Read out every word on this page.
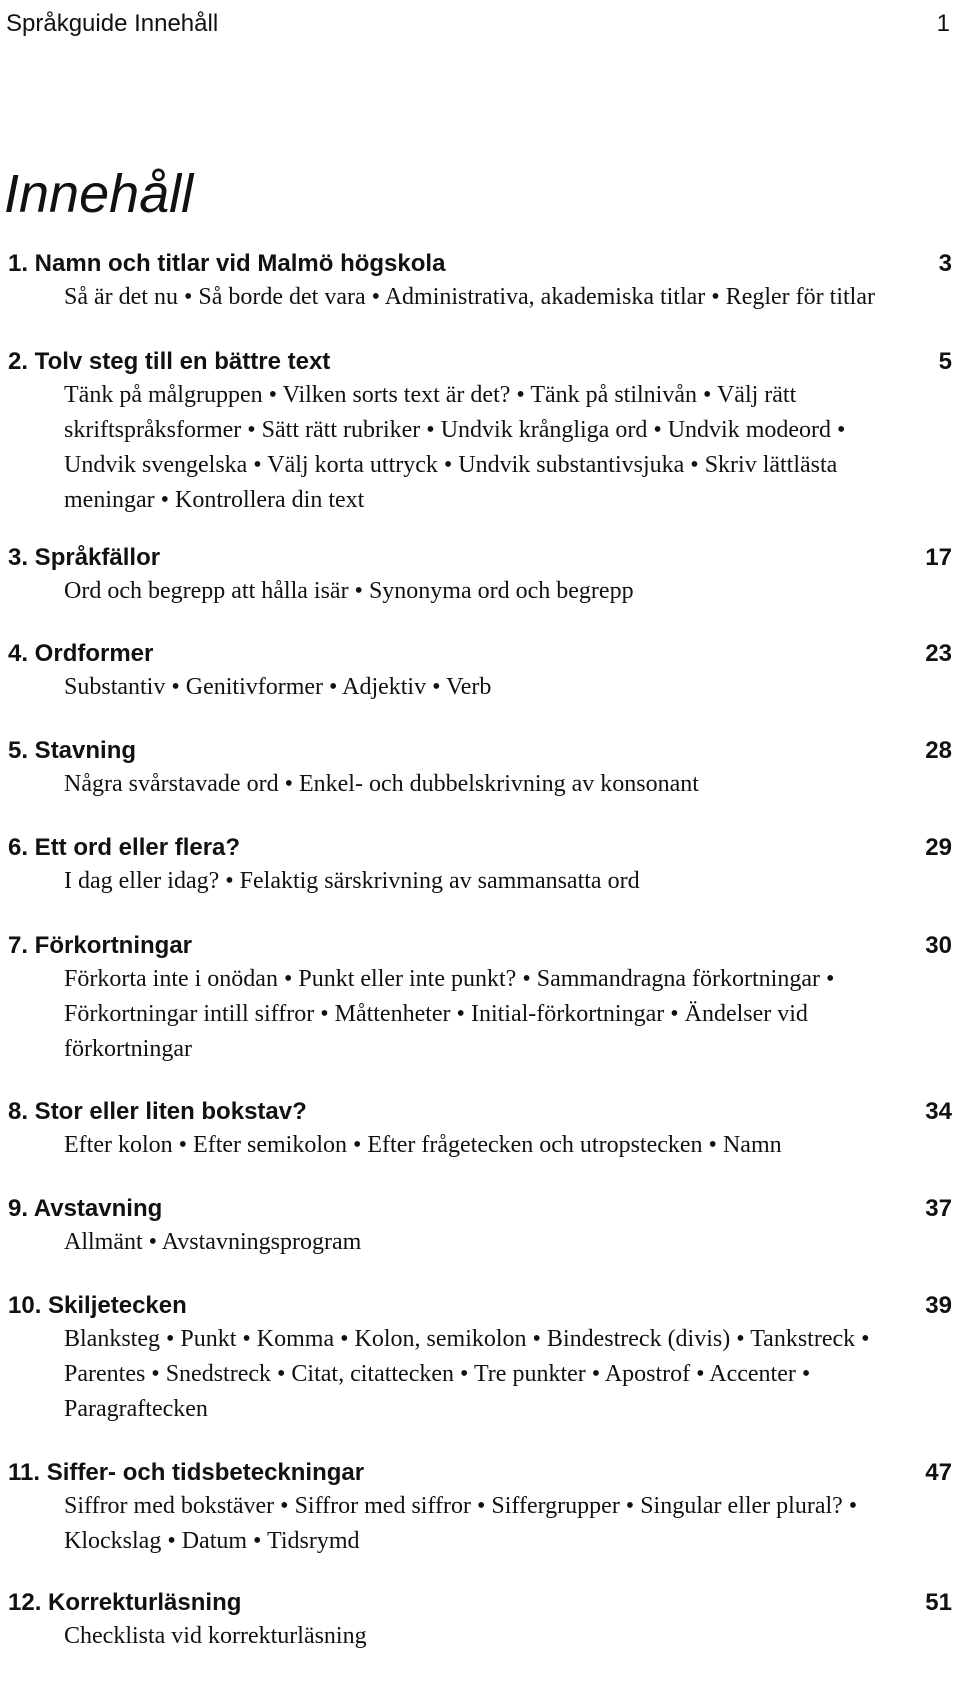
Språkguide Innehåll	1
Innehåll
1. Namn och titlar vid Malmö högskola	3

Så är det nu • Så borde det vara • Administrativa, akademiska titlar • Regler för titlar

2. Tolv steg till en bättre text	5

Tänk på målgruppen • Vilken sorts text är det? • Tänk på stilnivån • Välj rätt skriftspråksformer • Sätt rätt rubriker • Undvik krångliga ord • Undvik modeord • Undvik svengelska • Välj korta uttryck • Undvik substantivsjuka • Skriv lättlästa meningar • Kontrollera din text

3. Språkfällor	17

Ord och begrepp att hålla isär • Synonyma ord och begrepp

4. Ordformer	23

Substantiv • Genitivformer • Adjektiv • Verb

5. Stavning	28

Några svårstavade ord • Enkel- och dubbelskrivning av konsonant

6. Ett ord eller flera?	29

I dag eller idag? • Felaktig särskrivning av sammansatta ord

7. Förkortningar	30

Förkorta inte i onödan • Punkt eller inte punkt? • Sammandragna förkortningar • Förkortningar intill siffror • Måttenheter • Initial-förkortningar • Ändelser vid förkortningar

8. Stor eller liten bokstav?	34

Efter kolon • Efter semikolon • Efter frågetecken och utropstecken • Namn

9. Avstavning	37

Allmänt • Avstavningsprogram

10. Skiljetecken	39

Blanksteg • Punkt • Komma • Kolon, semikolon • Bindestreck (divis) • Tankstreck • Parentes • Snedstreck • Citat, citattecken • Tre punkter • Apostrof • Accenter • Paragraftecken

11. Siffer- och tidsbeteckningar	47

Siffror med bokstäver • Siffror med siffror • Siffergrupper • Singular eller plural? • Klockslag • Datum • Tidsrymd

12. Korrekturläsning	51

Checklista vid korrekturläsning
